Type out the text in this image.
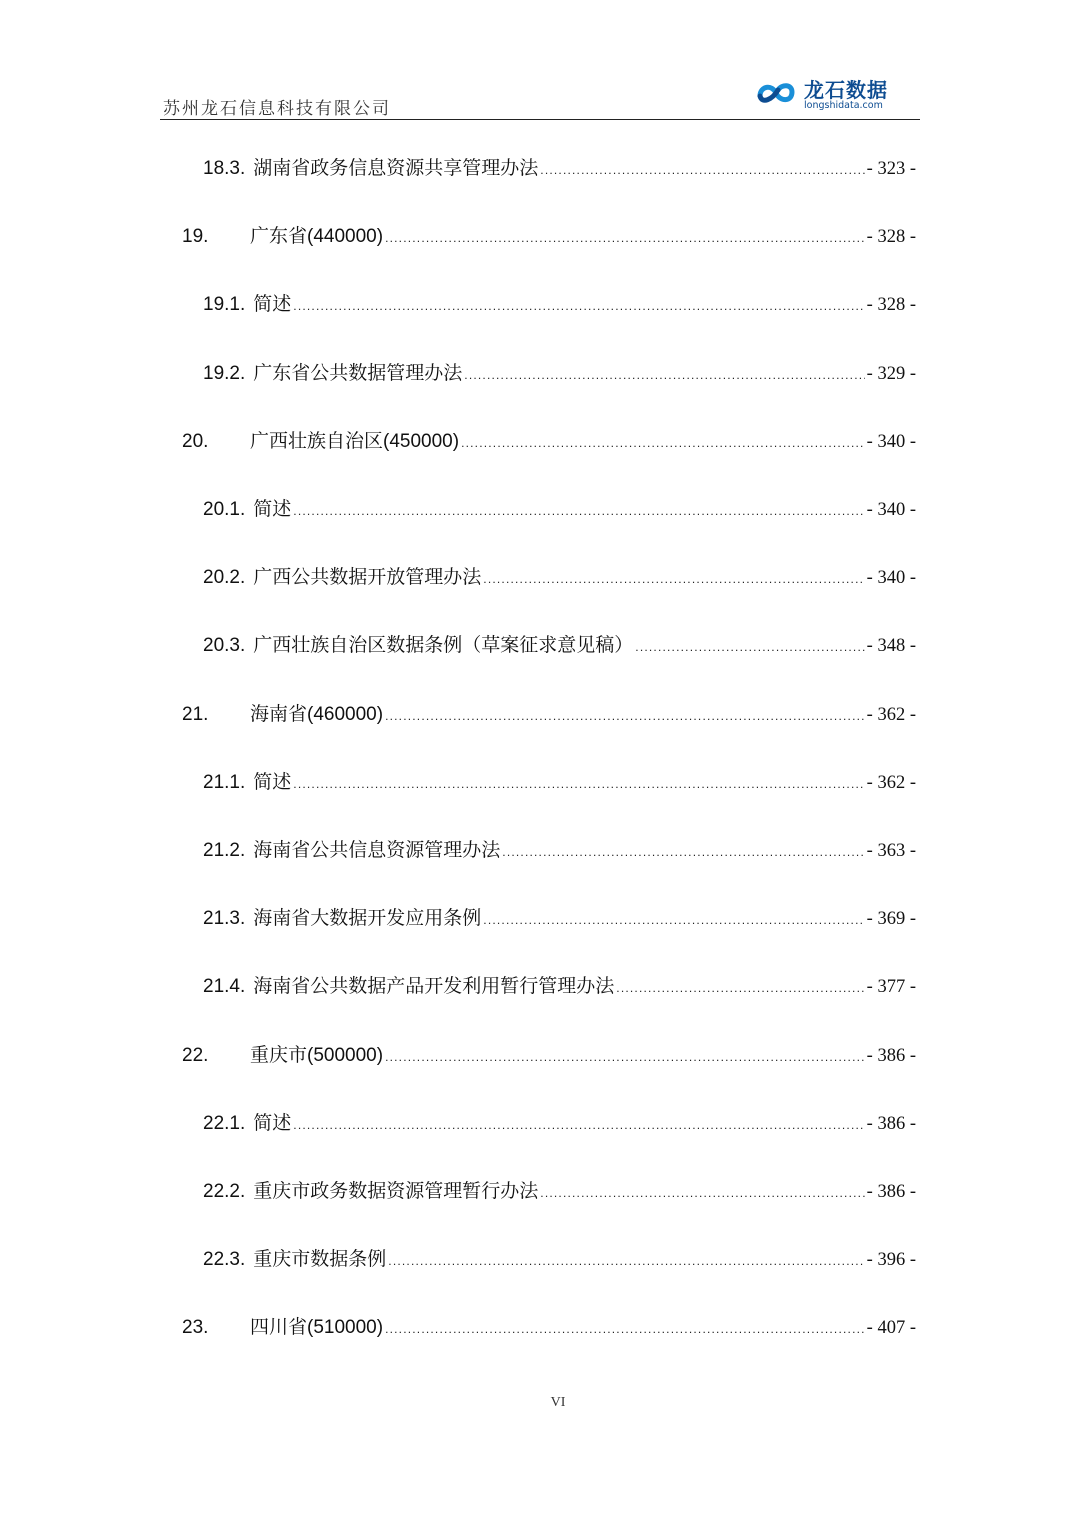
苏州龙石信息科技有限公司
龙石数据
longshidata.com
18.3. 湖南省政务信息资源共享管理办法 .....	- 323 -
19.	广东省(440000) .....	- 328 -
19.1. 简述 .....	- 328 -
19.2. 广东省公共数据管理办法 .....	- 329 -
20.	广西壮族自治区(450000) .....	- 340 -
20.1. 简述 .....	- 340 -
20.2. 广西公共数据开放管理办法 .....	- 340 -
20.3. 广西壮族自治区数据条例（草案征求意见稿） .....	- 348 -
21.	海南省(460000) .....	- 362 -
21.1. 简述 .....	- 362 -
21.2. 海南省公共信息资源管理办法 .....	- 363 -
21.3. 海南省大数据开发应用条例 .....	- 369 -
21.4. 海南省公共数据产品开发利用暂行管理办法 .....	- 377 -
22.	重庆市(500000) .....	- 386 -
22.1. 简述 .....	- 386 -
22.2. 重庆市政务数据资源管理暂行办法 .....	- 386 -
22.3. 重庆市数据条例 .....	- 396 -
23.	四川省(510000) .....	- 407 -
VI
